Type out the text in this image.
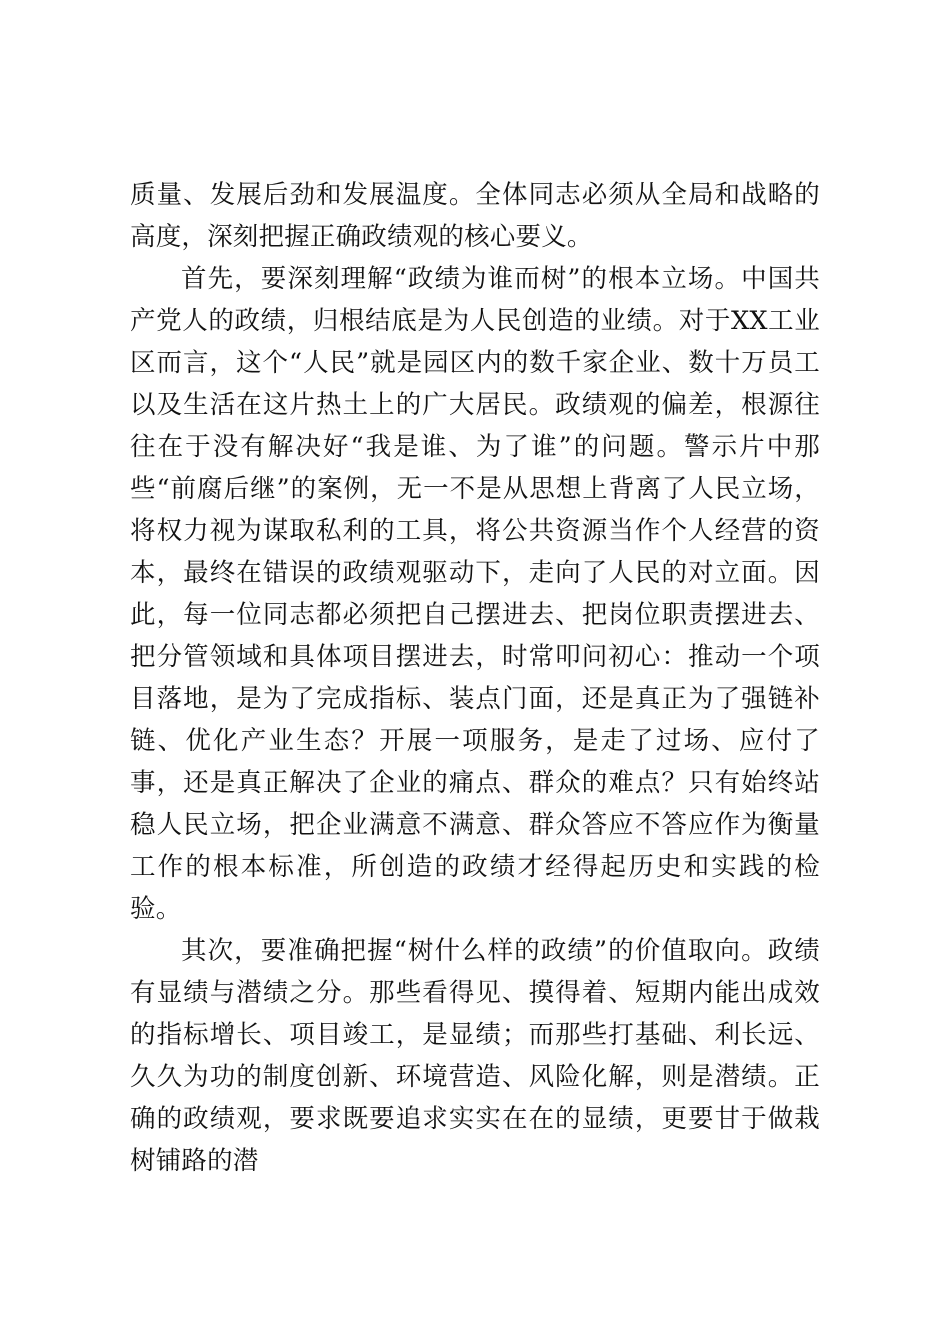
质量、发展后劲和发展温度。全体同志必须从全局和战略的高度，深刻把握正确政绩观的核心要义。

首先，要深刻理解“政绩为谁而树”的根本立场。中国共产党人的政绩，归根结底是为人民创造的业绩。对于XX工业区而言，这个“人民”就是园区内的数千家企业、数十万员工以及生活在这片热土上的广大居民。政绩观的偏差，根源往往在于没有解决好“我是谁、为了谁”的问题。警示片中那些“前腐后继”的案例，无一不是从思想上背离了人民立场，将权力视为谋取私利的工具，将公共资源当作个人经营的资本，最终在错误的政绩观驱动下，走向了人民的对立面。因此，每一位同志都必须把自己摆进去、把岗位职责摆进去、把分管领域和具体项目摆进去，时常叩问初心：推动一个项目落地，是为了完成指标、装点门面，还是真正为了强链补链、优化产业生态？开展一项服务，是走了过场、应付了事，还是真正解决了企业的痛点、群众的难点？只有始终站稳人民立场，把企业满意不满意、群众答应不答应作为衡量工作的根本标准，所创造的政绩才经得起历史和实践的检验。

其次，要准确把握“树什么样的政绩”的价值取向。政绩有显绩与潜绩之分。那些看得见、摸得着、短期内能出成效的指标增长、项目竣工，是显绩；而那些打基础、利长远、久久为功的制度创新、环境营造、风险化解，则是潜绩。正确的政绩观，要求既要追求实实在在的显绩，更要甘于做栽树铺路的潜
